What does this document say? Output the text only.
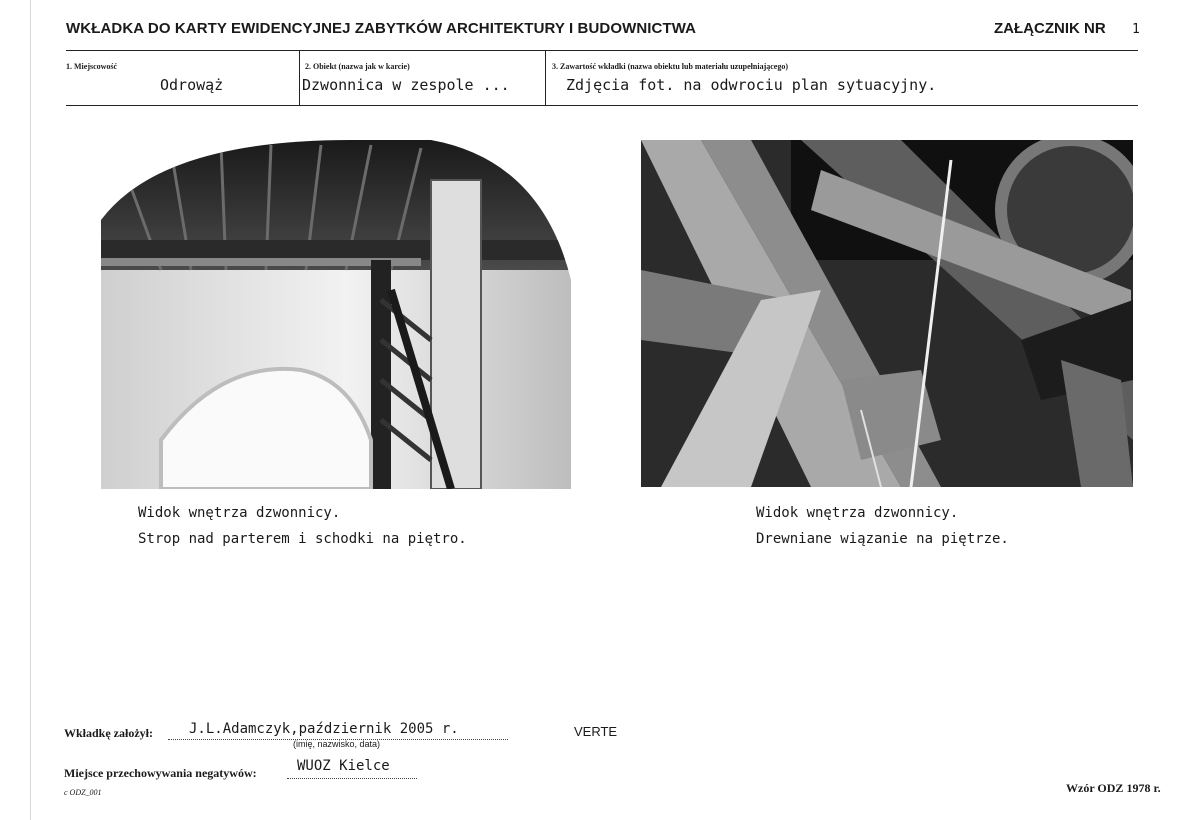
WKŁADKA DO KARTY EWIDENCYJNEJ ZABYTKÓW ARCHITEKTURY I BUDOWNICTWA	ZAŁĄCZNIK NR 1
1. Miejscowość
Odrowąż
2. Obiekt (nazwa jak w karcie)
Dzwonnica w zespole ...
3. Zawartość wkładki (nazwa obiektu lub materiału uzupełniającego)
Zdjęcia fot. na odwrociu plan sytuacyjny.
Widok wnętrza dzwonnicy.
Strop nad parterem i schodki na piętro.
Widok wnętrza dzwonnicy.
Drewniane wiązanie na piętrze.
Wkładkę założył:	J.L.Adamczyk,październik 2005 r.
(imię, nazwisko, data)
VERTE
Miejsce przechowywania negatywów:	WUOZ Kielce
c ODZ_001	Wzór ODZ 1978 r.
